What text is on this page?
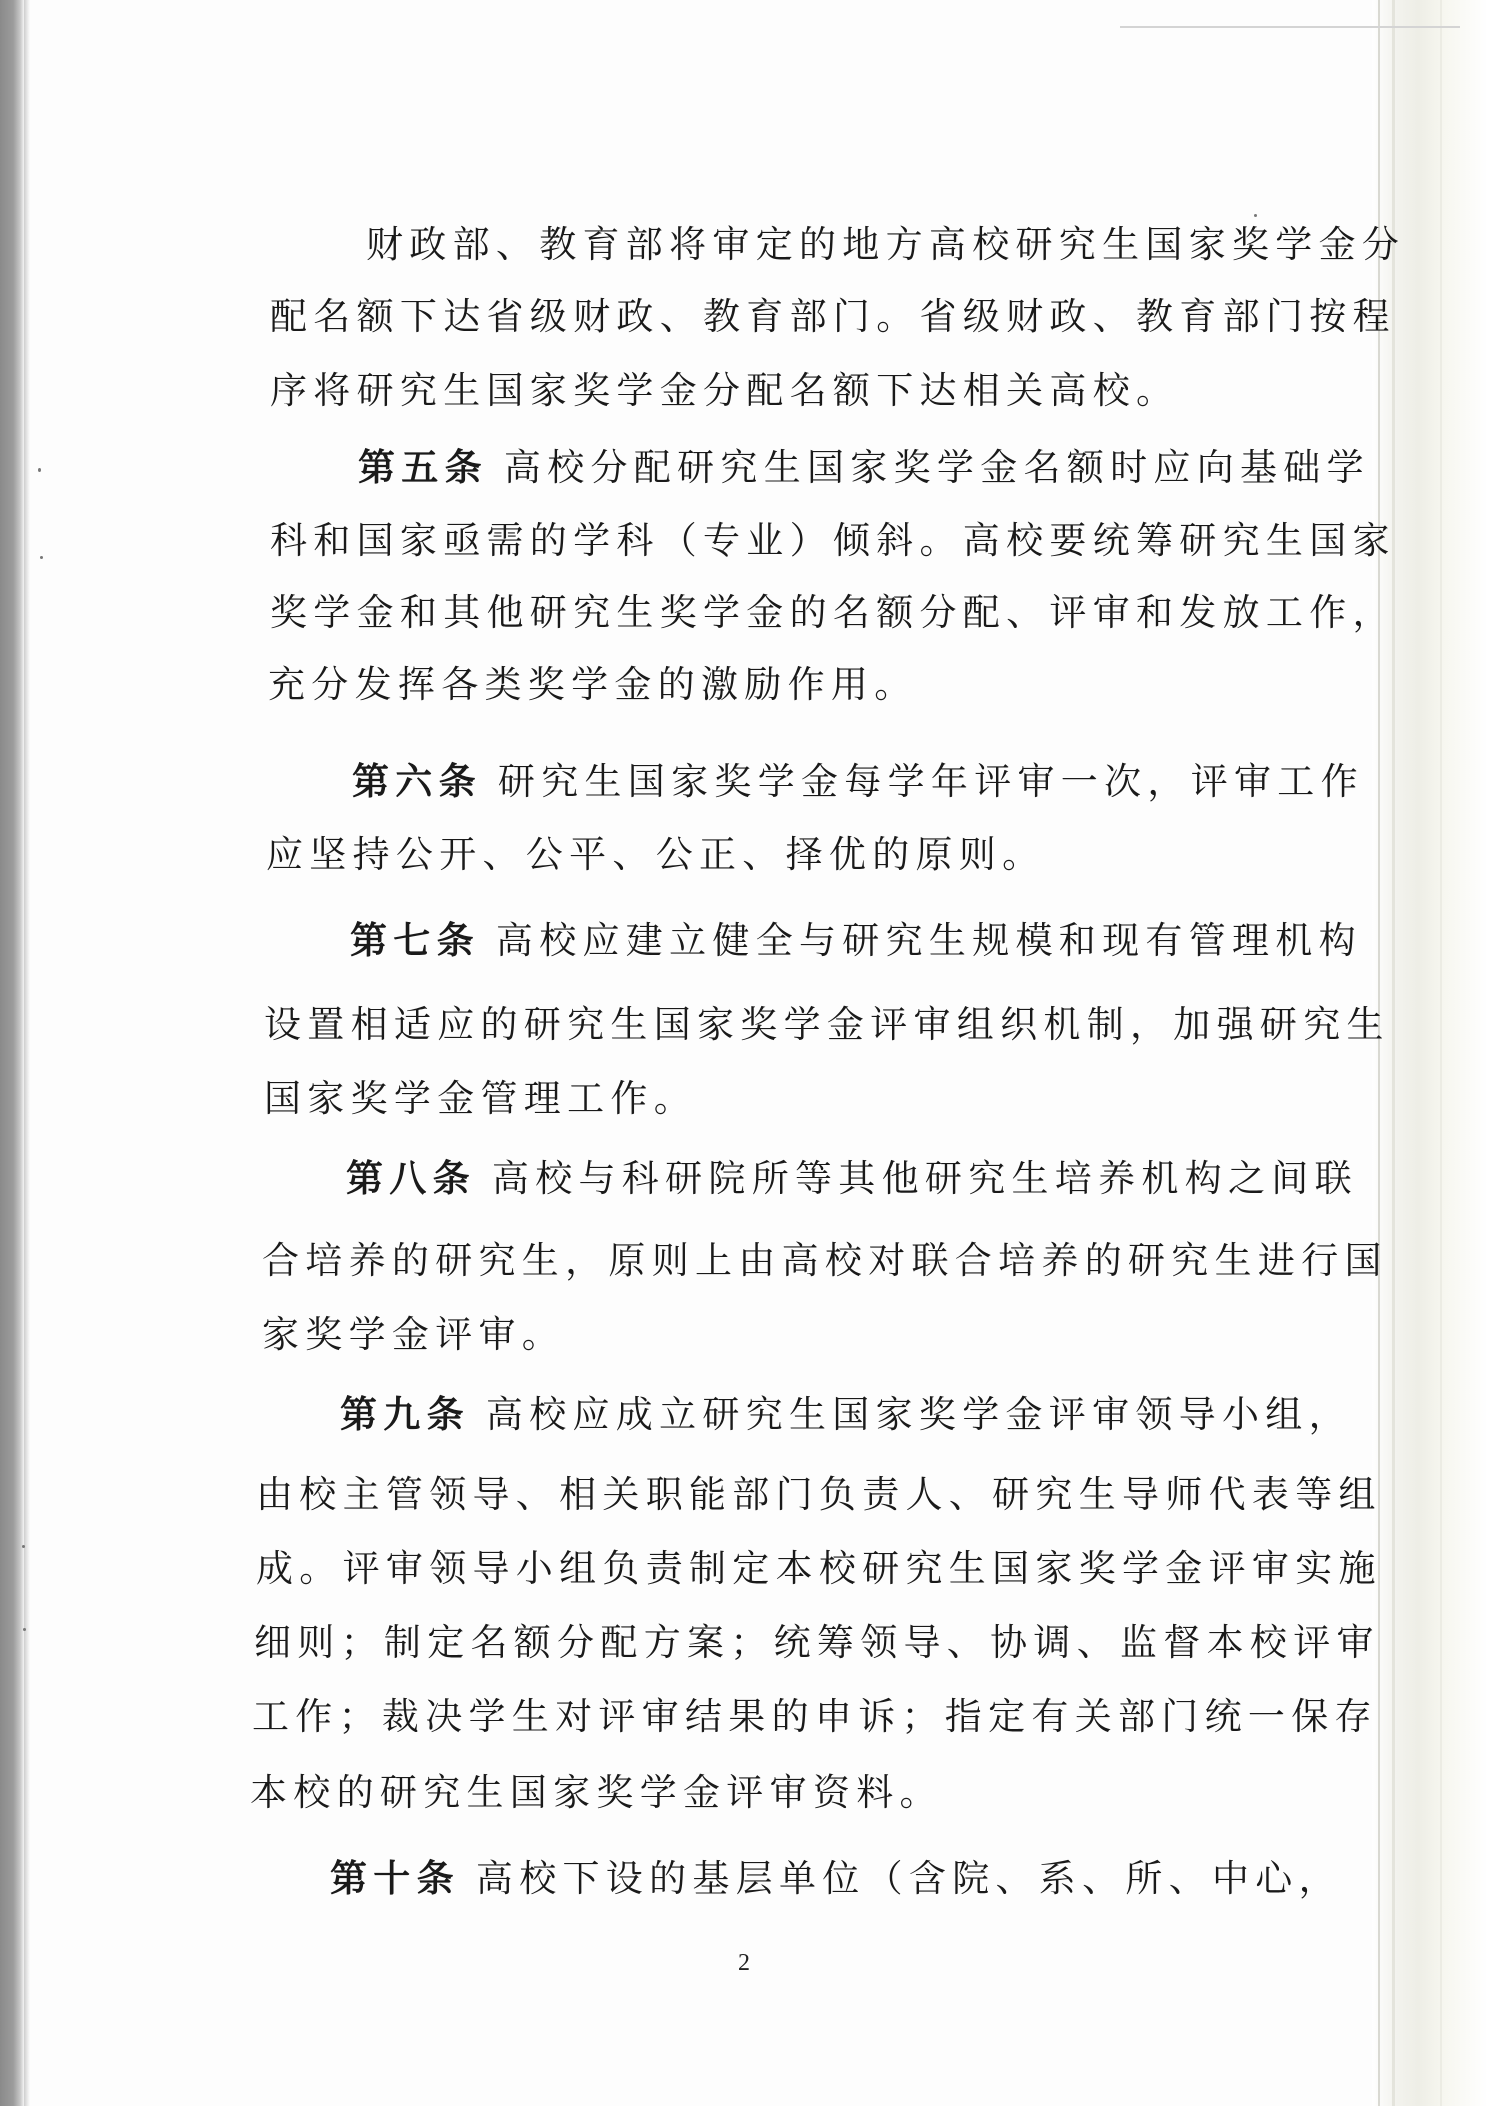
财政部、教育部将审定的地方高校研究生国家奖学金分
配名额下达省级财政、教育部门。省级财政、教育部门按程
序将研究生国家奖学金分配名额下达相关高校。
第五条 高校分配研究生国家奖学金名额时应向基础学
科和国家亟需的学科（专业）倾斜。高校要统筹研究生国家
奖学金和其他研究生奖学金的名额分配、评审和发放工作，
充分发挥各类奖学金的激励作用。
第六条 研究生国家奖学金每学年评审一次，评审工作
应坚持公开、公平、公正、择优的原则。
第七条 高校应建立健全与研究生规模和现有管理机构
设置相适应的研究生国家奖学金评审组织机制，加强研究生
国家奖学金管理工作。
第八条 高校与科研院所等其他研究生培养机构之间联
合培养的研究生，原则上由高校对联合培养的研究生进行国
家奖学金评审。
第九条 高校应成立研究生国家奖学金评审领导小组，
由校主管领导、相关职能部门负责人、研究生导师代表等组
成。评审领导小组负责制定本校研究生国家奖学金评审实施
细则；制定名额分配方案；统筹领导、协调、监督本校评审
工作；裁决学生对评审结果的申诉；指定有关部门统一保存
本校的研究生国家奖学金评审资料。
第十条 高校下设的基层单位（含院、系、所、中心，
2
